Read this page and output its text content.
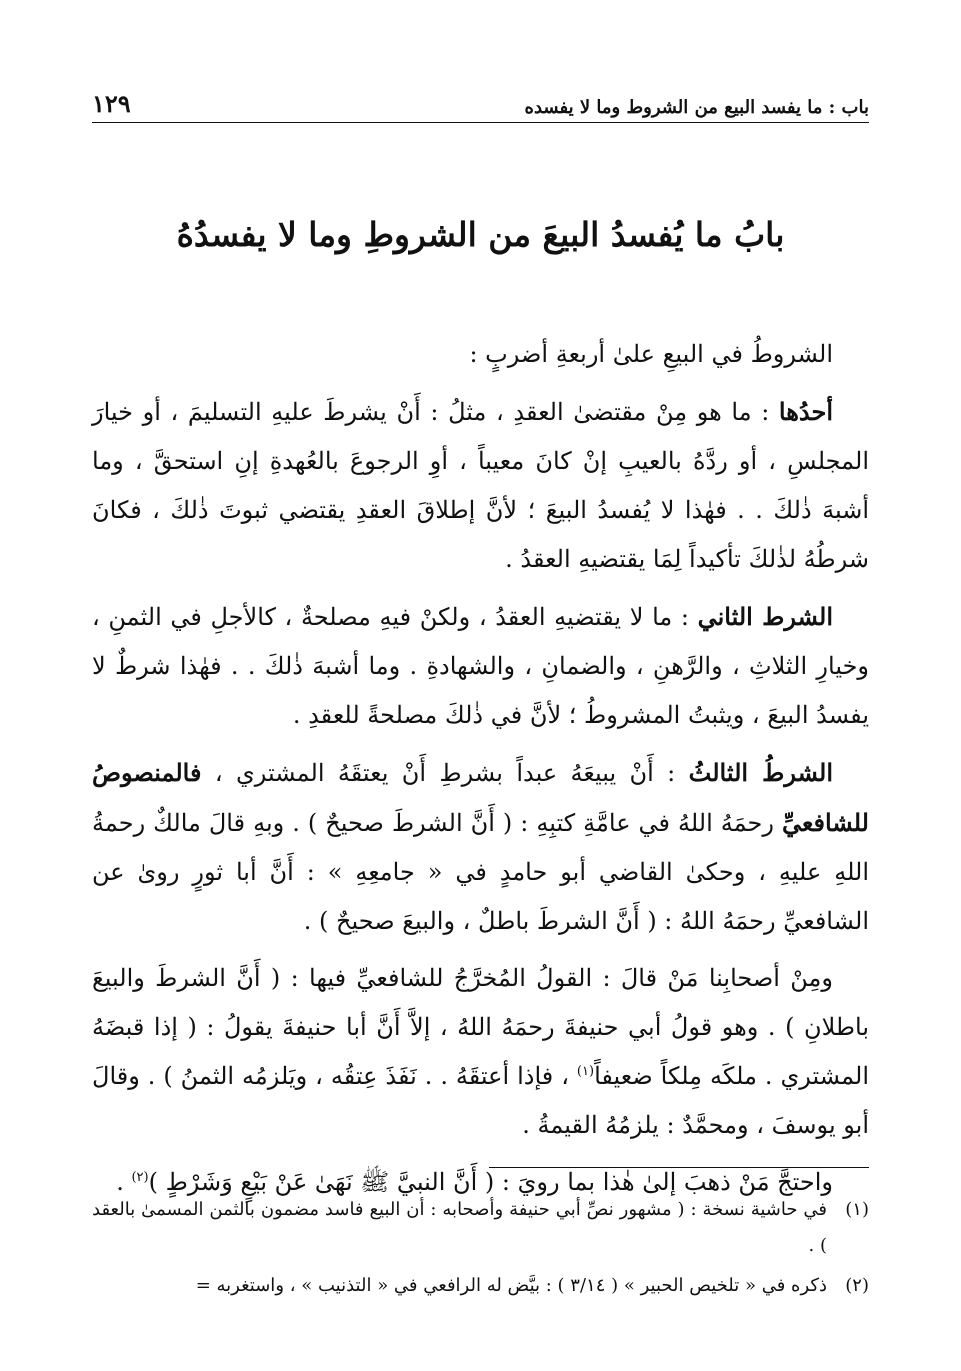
باب : ما يفسد البيع من الشروط وما لا يفسده
١٢٩
بابُ ما يُفسدُ البيعَ من الشروطِ وما لا يفسدُهُ

الشروطُ في البيعِ علىٰ أربعةِ أضربٍ :

أحدُها : ما هو مِنْ مقتضىٰ العقدِ ، مثلُ : أَنْ يشرطَ عليهِ التسليمَ ، أو خيارَ المجلسِ ، أو ردَّهُ بالعيبِ إنْ كانَ معيباً ، أوِ الرجوعَ بالعُهدةِ إنِ استحقَّ ، وما أشبهَ ذٰلكَ . . فهٰذا لا يُفسدُ البيعَ ؛ لأنَّ إطلاقَ العقدِ يقتضي ثبوتَ ذٰلكَ ، فكانَ شرطُهُ لذٰلكَ تأكيداً لِمَا يقتضيهِ العقدُ .

الشرط الثاني : ما لا يقتضيهِ العقدُ ، ولكنْ فيهِ مصلحةٌ ، كالأجلِ في الثمنِ ، وخيارِ الثلاثِ ، والرَّهنِ ، والضمانِ ، والشهادةِ . وما أشبهَ ذٰلكَ . . فهٰذا شرطٌ لا يفسدُ البيعَ ، ويثبتُ المشروطُ ؛ لأنَّ في ذٰلكَ مصلحةً للعقدِ .

الشرطُ الثالثُ : أَنْ يبيعَهُ عبداً بشرطِ أَنْ يعتقَهُ المشتري ، فالمنصوصُ للشافعيِّ رحمَهُ اللهُ في عامَّةِ كتبِهِ : ( أَنَّ الشرطَ صحيحٌ ) . وبهِ قالَ مالكٌ رحمةُ اللهِ عليهِ ، وحكىٰ القاضي أبو حامدٍ في « جامعِهِ » : أَنَّ أبا ثورٍ روىٰ عن الشافعيِّ رحمَهُ اللهُ : ( أَنَّ الشرطَ باطلٌ ، والبيعَ صحيحٌ ) .

ومِنْ أصحابِنا مَنْ قالَ : القولُ المُخرَّجُ للشافعيِّ فيها : ( أَنَّ الشرطَ والبيعَ باطلانِ ) . وهو قولُ أبي حنيفةَ رحمَهُ اللهُ ، إلاَّ أَنَّ أبا حنيفةَ يقولُ : ( إذا قبضَهُ المشتري . ملكَه مِلكاً ضعيفاً$^{(١)}$ ، فإذا أعتقَهُ . . نَفَذَ عِتقُه ، ويَلزمُه الثمنُ ) . وقالَ أبو يوسفَ ، ومحمَّدٌ : يلزمُهُ القيمةُ .

واحتجَّ مَنْ ذهبَ إلىٰ هٰذا بما رويَ : ( أَنَّ النبيَّ ﷺ نَهَىٰ عَنْ بَيْعٍ وَشَرْطٍ )$^{(٢)}$ .

(١)
في حاشية نسخة : ( مشهور نصِّ أبي حنيفة وأصحابه : أن البيع فاسد مضمون بالثمن المسمىٰ بالعقد ) .
(٢)
ذكره في « تلخيص الحبير » ( ٣/١٤ ) : بيَّض له الرافعي في « التذنيب » ، واستغربه =
